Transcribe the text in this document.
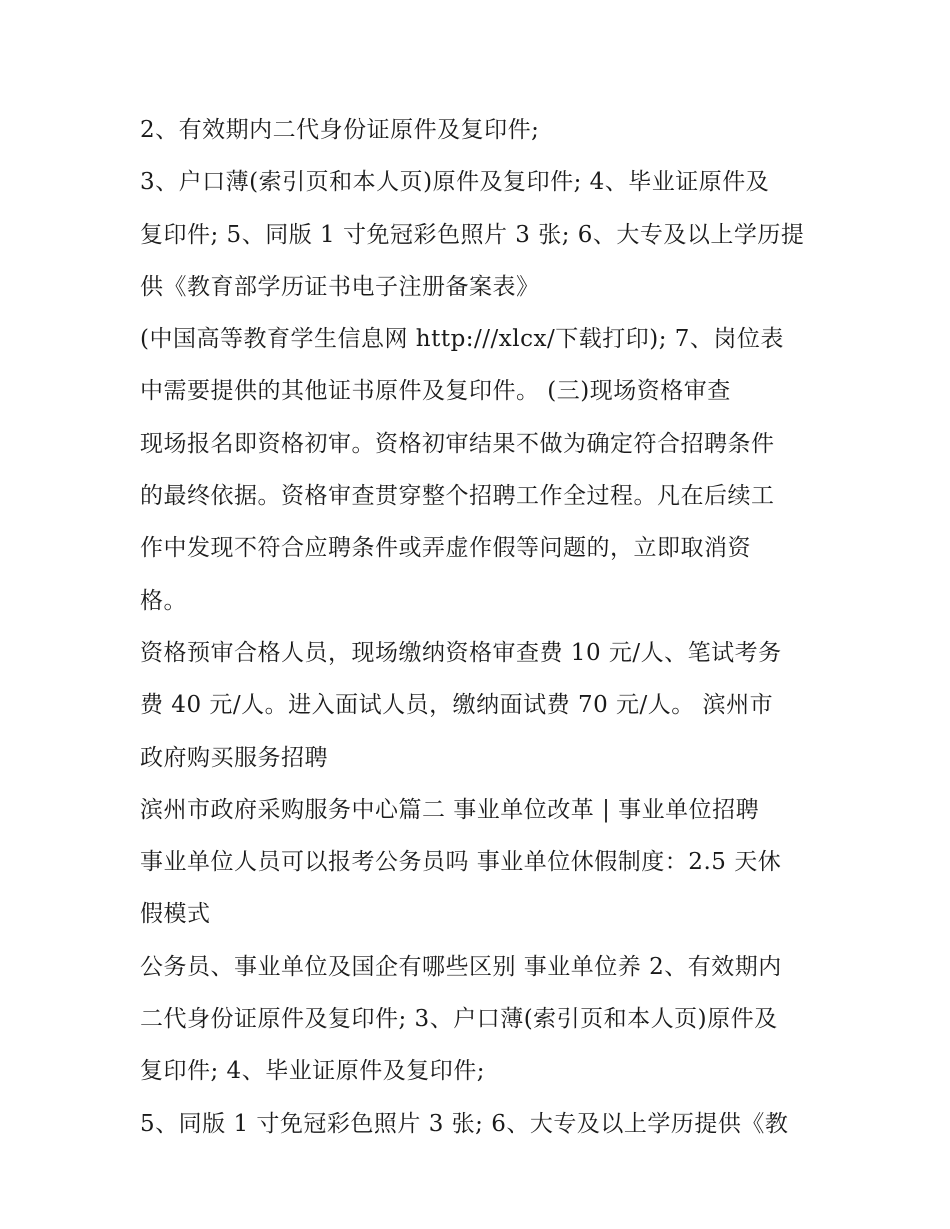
2、有效期内二代身份证原件及复印件;
3、户口薄(索引页和本人页)原件及复印件; 4、毕业证原件及
复印件; 5、同版 1 寸免冠彩色照片 3 张; 6、大专及以上学历提
供《教育部学历证书电子注册备案表》
(中国高等教育学生信息网 http:///xlcx/下载打印); 7、岗位表
中需要提供的其他证书原件及复印件。 (三)现场资格审查
现场报名即资格初审。资格初审结果不做为确定符合招聘条件
的最终依据。资格审查贯穿整个招聘工作全过程。凡在后续工
作中发现不符合应聘条件或弄虚作假等问题的，立即取消资
格。
资格预审合格人员，现场缴纳资格审查费 10 元/人、笔试考务
费 40 元/人。进入面试人员，缴纳面试费 70 元/人。 滨州市
政府购买服务招聘
滨州市政府采购服务中心篇二 事业单位改革 | 事业单位招聘
事业单位人员可以报考公务员吗 事业单位休假制度：2.5 天休
假模式
公务员、事业单位及国企有哪些区别 事业单位养 2、有效期内
二代身份证原件及复印件; 3、户口薄(索引页和本人页)原件及
复印件; 4、毕业证原件及复印件;
5、同版 1 寸免冠彩色照片 3 张; 6、大专及以上学历提供《教
